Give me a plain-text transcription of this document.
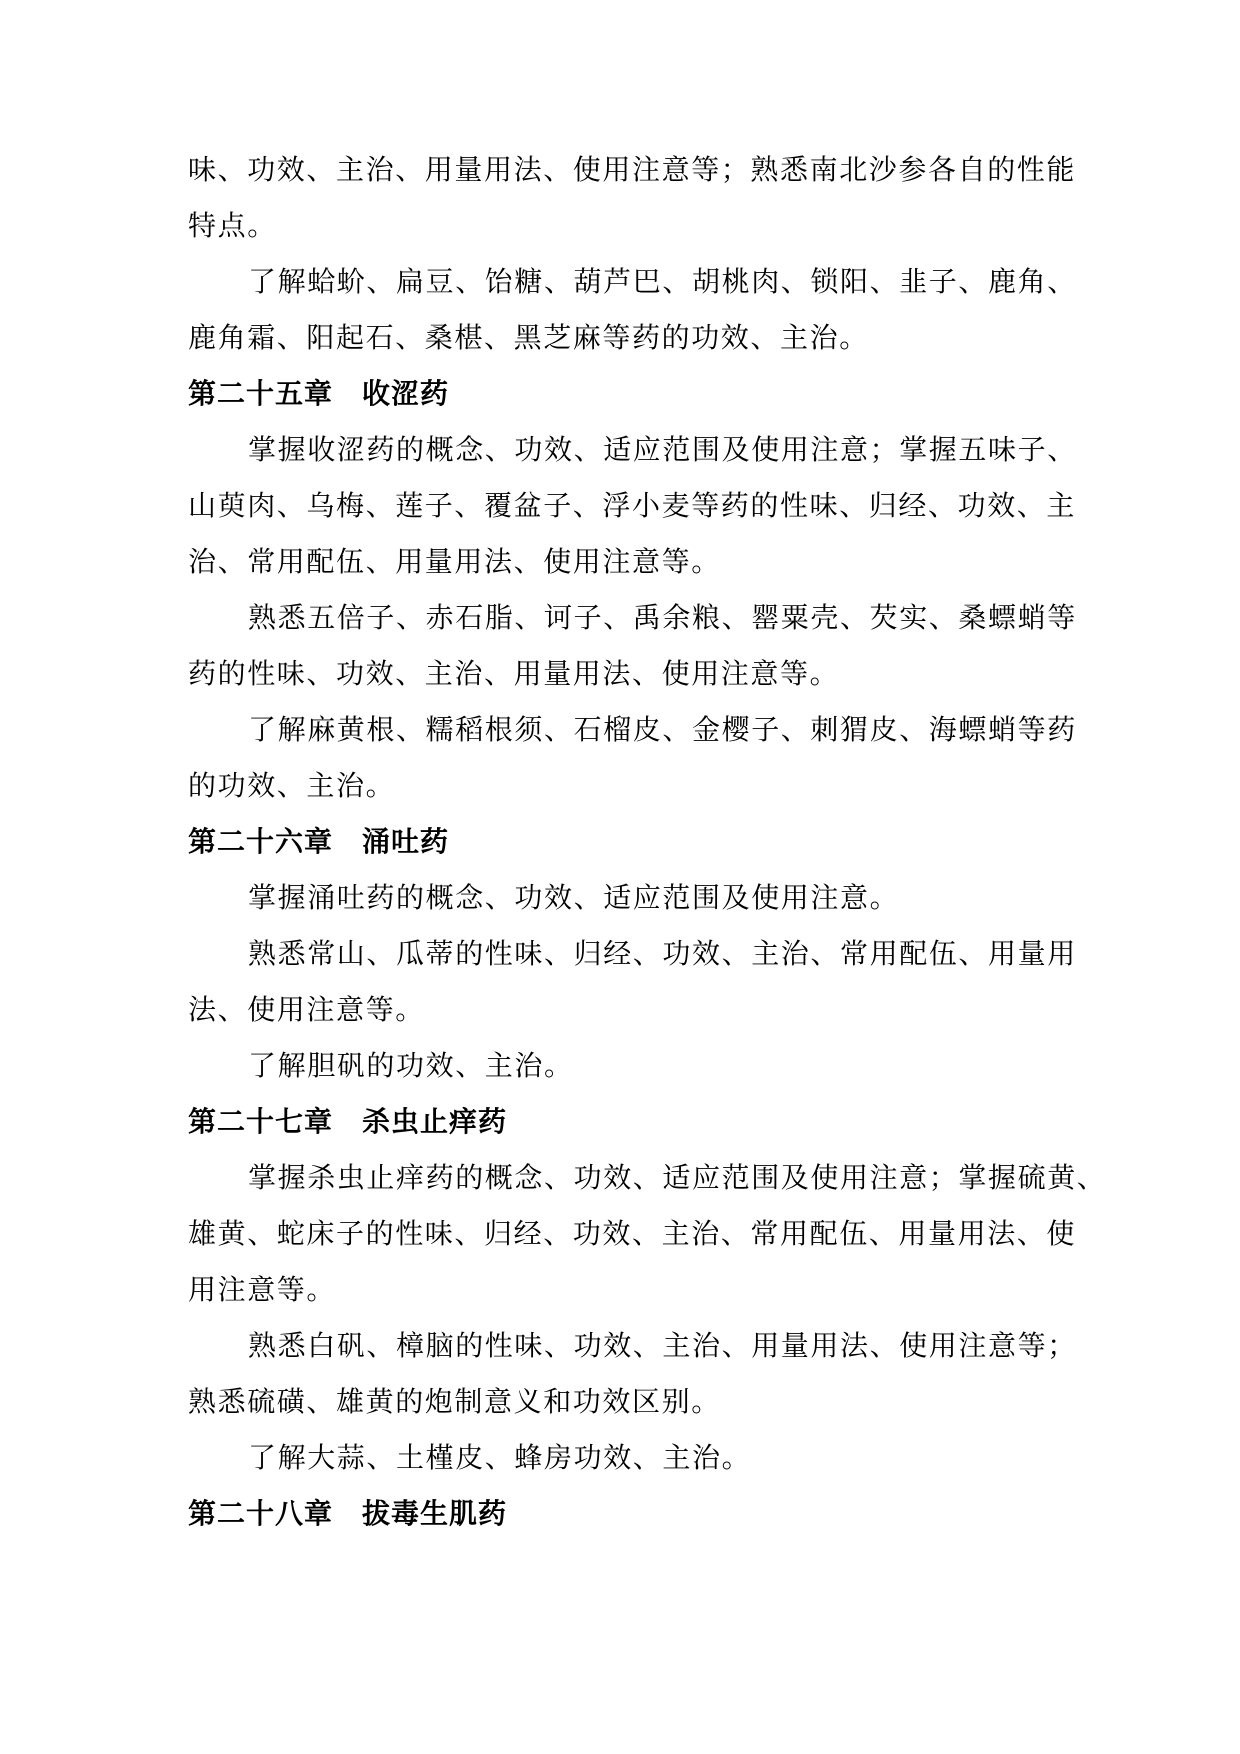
味、功效、主治、用量用法、使用注意等；熟悉南北沙参各自的性能
特点。
了解蛤蚧、扁豆、饴糖、葫芦巴、胡桃肉、锁阳、韭子、鹿角、
鹿角霜、阳起石、桑椹、黑芝麻等药的功效、主治。
第二十五章　收涩药
掌握收涩药的概念、功效、适应范围及使用注意；掌握五味子、
山萸肉、乌梅、莲子、覆盆子、浮小麦等药的性味、归经、功效、主
治、常用配伍、用量用法、使用注意等。
熟悉五倍子、赤石脂、诃子、禹余粮、罂粟壳、芡实、桑螵蛸等
药的性味、功效、主治、用量用法、使用注意等。
了解麻黄根、糯稻根须、石榴皮、金樱子、刺猬皮、海螵蛸等药
的功效、主治。
第二十六章　涌吐药
掌握涌吐药的概念、功效、适应范围及使用注意。
熟悉常山、瓜蒂的性味、归经、功效、主治、常用配伍、用量用
法、使用注意等。
了解胆矾的功效、主治。
第二十七章　杀虫止痒药
掌握杀虫止痒药的概念、功效、适应范围及使用注意；掌握硫黄、
雄黄、蛇床子的性味、归经、功效、主治、常用配伍、用量用法、使
用注意等。
熟悉白矾、樟脑的性味、功效、主治、用量用法、使用注意等；
熟悉硫磺、雄黄的炮制意义和功效区别。
了解大蒜、土槿皮、蜂房功效、主治。
第二十八章　拔毒生肌药
